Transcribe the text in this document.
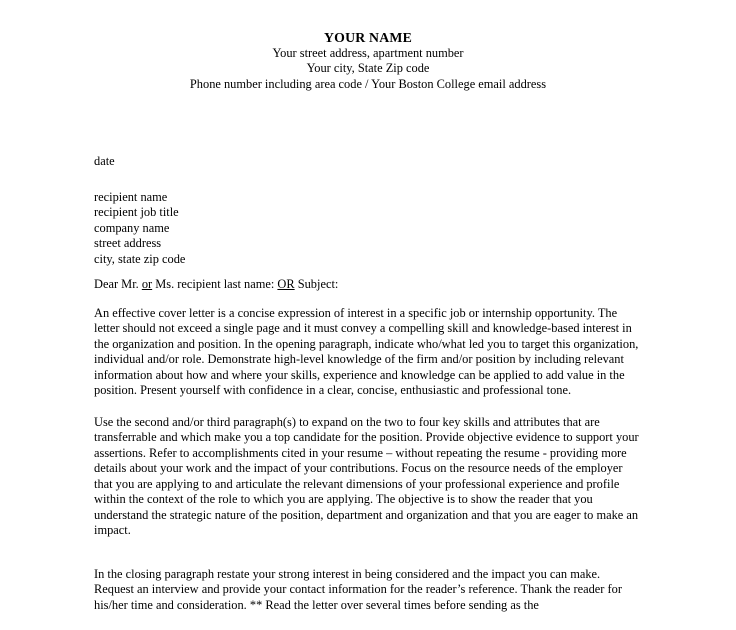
YOUR NAME
Your street address, apartment number
Your city, State Zip code
Phone number including area code / Your Boston College email address
date
recipient name
recipient job title
company name
street address
city, state zip code
Dear Mr. or Ms. recipient last name: OR Subject:

An effective cover letter is a concise expression of interest in a specific job or internship opportunity. The letter should not exceed a single page and it must convey a compelling skill and knowledge-based interest in the organization and position. In the opening paragraph, indicate who/what led you to target this organization, individual and/or role. Demonstrate high-level knowledge of the firm and/or position by including relevant information about how and where your skills, experience and knowledge can be applied to add value in the position. Present yourself with confidence in a clear, concise, enthusiastic and professional tone.

Use the second and/or third paragraph(s) to expand on the two to four key skills and attributes that are transferrable and which make you a top candidate for the position. Provide objective evidence to support your assertions. Refer to accomplishments cited in your resume – without repeating the resume - providing more details about your work and the impact of your contributions. Focus on the resource needs of the employer that you are applying to and articulate the relevant dimensions of your professional experience and profile within the context of the role to which you are applying. The objective is to show the reader that you understand the strategic nature of the position, department and organization and that you are eager to make an impact.

In the closing paragraph restate your strong interest in being considered and the impact you can make. Request an interview and provide your contact information for the reader’s reference. Thank the reader for his/her time and consideration. ** Read the letter over several times before sending as the
